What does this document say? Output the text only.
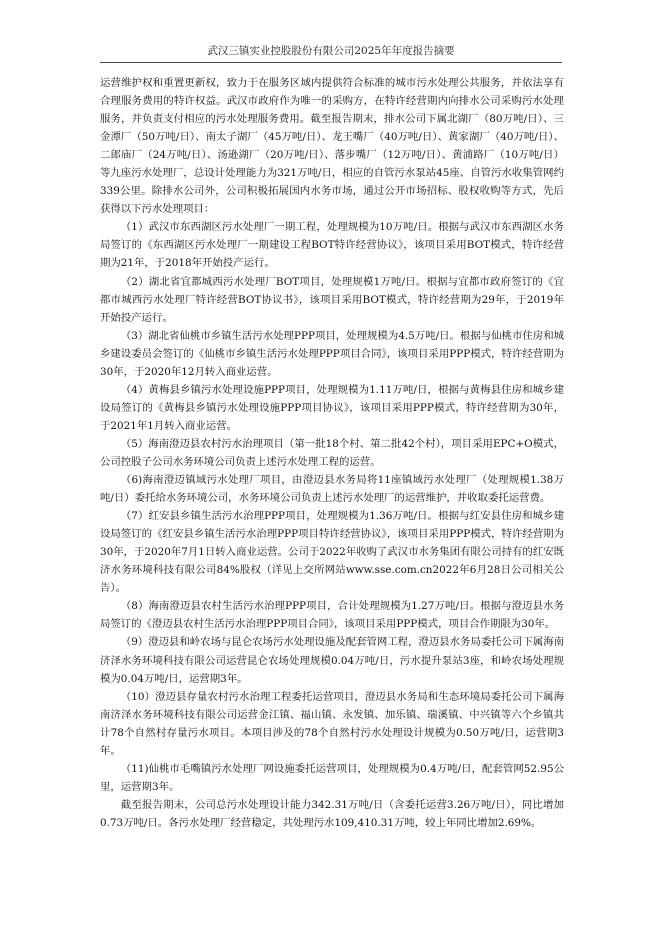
武汉三镇实业控股股份有限公司2025年年度报告摘要

运营维护权和重置更新权，致力于在服务区域内提供符合标准的城市污水处理公共服务，并依法享有合理服务费用的特许权益。武汉市政府作为唯一的采购方，在特许经营期内向排水公司采购污水处理服务，并负责支付相应的污水处理服务费用。截至报告期末，排水公司下属北湖厂（80万吨/日）、三金潭厂（50万吨/日）、南太子湖厂（45万吨/日）、龙王嘴厂（40万吨/日）、黄家湖厂（40万吨/日）、二郎庙厂（24万吨/日）、汤逊湖厂（20万吨/日）、落步嘴厂（12万吨/日）、黄浦路厂（10万吨/日）等九座污水处理厂，总设计处理能力为321万吨/日，相应的自管污水泵站45座、自管污水收集管网约339公里。除排水公司外，公司积极拓展国内水务市场，通过公开市场招标、股权收购等方式，先后获得以下污水处理项目：

（1）武汉市东西湖区污水处理厂一期工程，处理规模为10万吨/日。根据与武汉市东西湖区水务局签订的《东西湖区污水处理厂一期建设工程BOT特许经营协议》，该项目采用BOT模式，特许经营期为21年，于2018年开始投产运行。

（2）湖北省宜都城西污水处理厂BOT项目，处理规模1万吨/日。根据与宜都市政府签订的《宜都市城西污水处理厂特许经营BOT协议书》，该项目采用BOT模式，特许经营期为29年，于2019年开始投产运行。

（3）湖北省仙桃市乡镇生活污水处理PPP项目，处理规模为4.5万吨/日。根据与仙桃市住房和城乡建设委员会签订的《仙桃市乡镇生活污水处理PPP项目合同》，该项目采用PPP模式，特许经营期为30年，于2020年12月转入商业运营。

（4）黄梅县乡镇污水处理设施PPP项目，处理规模为1.11万吨/日，根据与黄梅县住房和城乡建设局签订的《黄梅县乡镇污水处理设施PPP项目协议》，该项目采用PPP模式，特许经营期为30年，于2021年1月转入商业运营。

（5）海南澄迈县农村污水治理项目（第一批18个村、第二批42个村），项目采用EPC+O模式，公司控股子公司水务环境公司负责上述污水处理工程的运营。

（6)海南澄迈镇域污水处理厂项目，由澄迈县水务局将11座镇域污水处理厂（处理规模1.38万吨/日）委托给水务环境公司，水务环境公司负责上述污水处理厂的运营维护，并收取委托运营费。

（7）红安县乡镇生活污水治理PPP项目，处理规模为1.36万吨/日。根据与红安县住房和城乡建设局签订的《红安县乡镇生活污水治理PPP项目特许经营协议》，该项目采用PPP模式，特许经营期为30年，于2020年7月1日转入商业运营。公司于2022年收购了武汉市水务集团有限公司持有的红安既济水务环境科技有限公司84%股权（详见上交所网站www.sse.com.cn2022年6月28日公司相关公告）。

（8）海南澄迈县农村生活污水治理PPP项目，合计处理规模为1.27万吨/日。根据与澄迈县水务局签订的《澄迈县农村生活污水治理PPP项目合同》，该项目采用PPP模式，项目合作期限为30年。

（9）澄迈县和岭农场与昆仑农场污水处理设施及配套管网工程，澄迈县水务局委托公司下属海南济泽水务环境科技有限公司运营昆仑农场处理规模0.04万吨/日，污水提升泵站3座，和岭农场处理规模为0.04万吨/日，运营期3年。

（10）澄迈县存量农村污水治理工程委托运营项目，澄迈县水务局和生态环境局委托公司下属海南济泽水务环境科技有限公司运营金江镇、福山镇、永发镇、加乐镇、瑞溪镇、中兴镇等六个乡镇共计78个自然村存量污水项目。本项目涉及的78个自然村污水处理设计规模为0.50万吨/日，运营期3年。

（11)仙桃市毛嘴镇污水处理厂网设施委托运营项目，处理规模为0.4万吨/日，配套管网52.95公里，运营期3年。

截至报告期末，公司总污水处理设计能力342.31万吨/日（含委托运营3.26万吨/日），同比增加0.73万吨/日。各污水处理厂经营稳定，共处理污水109,410.31万吨，较上年同比增加2.69%。
